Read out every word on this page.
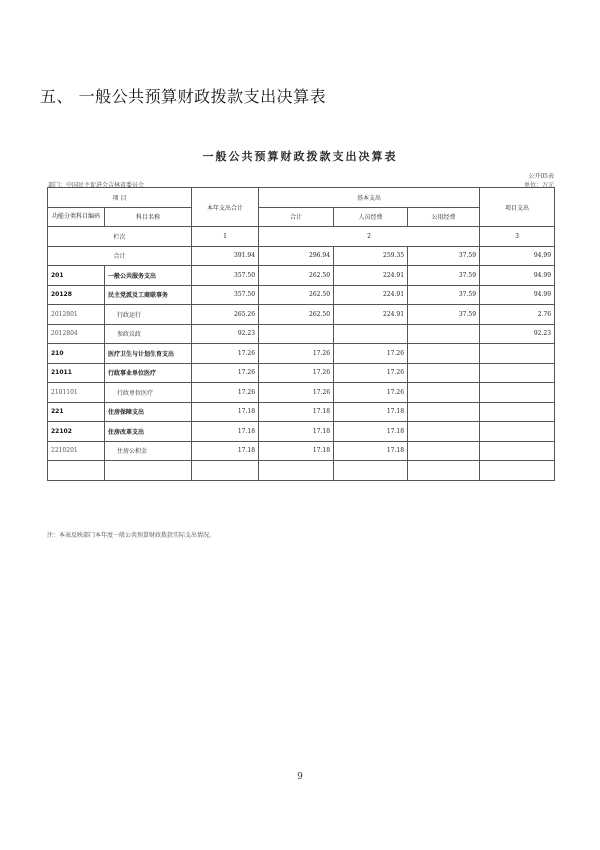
五、 一般公共预算财政拨款支出决算表
一般公共预算财政拨款支出决算表
公开05表
部门：中国民主促进会吉林省委员会	单位：万元
项 目		本年支出合计	基本支出			项目支出
功能分类科目编码	科目名称					
			合计	人员经费	公用经费	
栏次		1	2			3
合计		391.94	296.94	259.35	37.59	94.99
201	一般公共服务支出	357.50	262.50	224.91	37.59	94.99
20128	民主党派及工商联事务	357.50	262.50	224.91	37.59	94.99
2012801	行政运行	265.26	262.50	224.91	37.59	2.76
2012804	参政议政	92.23				92.23
210	医疗卫生与计划生育支出	17.26	17.26	17.26		
21011	行政事业单位医疗	17.26	17.26	17.26		
2101101	行政单位医疗	17.26	17.26	17.26		
221	住房保障支出	17.18	17.18	17.18		
22102	住房改革支出	17.18	17.18	17.18		
2210201	住房公积金	17.18	17.18	17.18		

注：本表反映部门本年度一般公共预算财政拨款实际支出情况。
9
